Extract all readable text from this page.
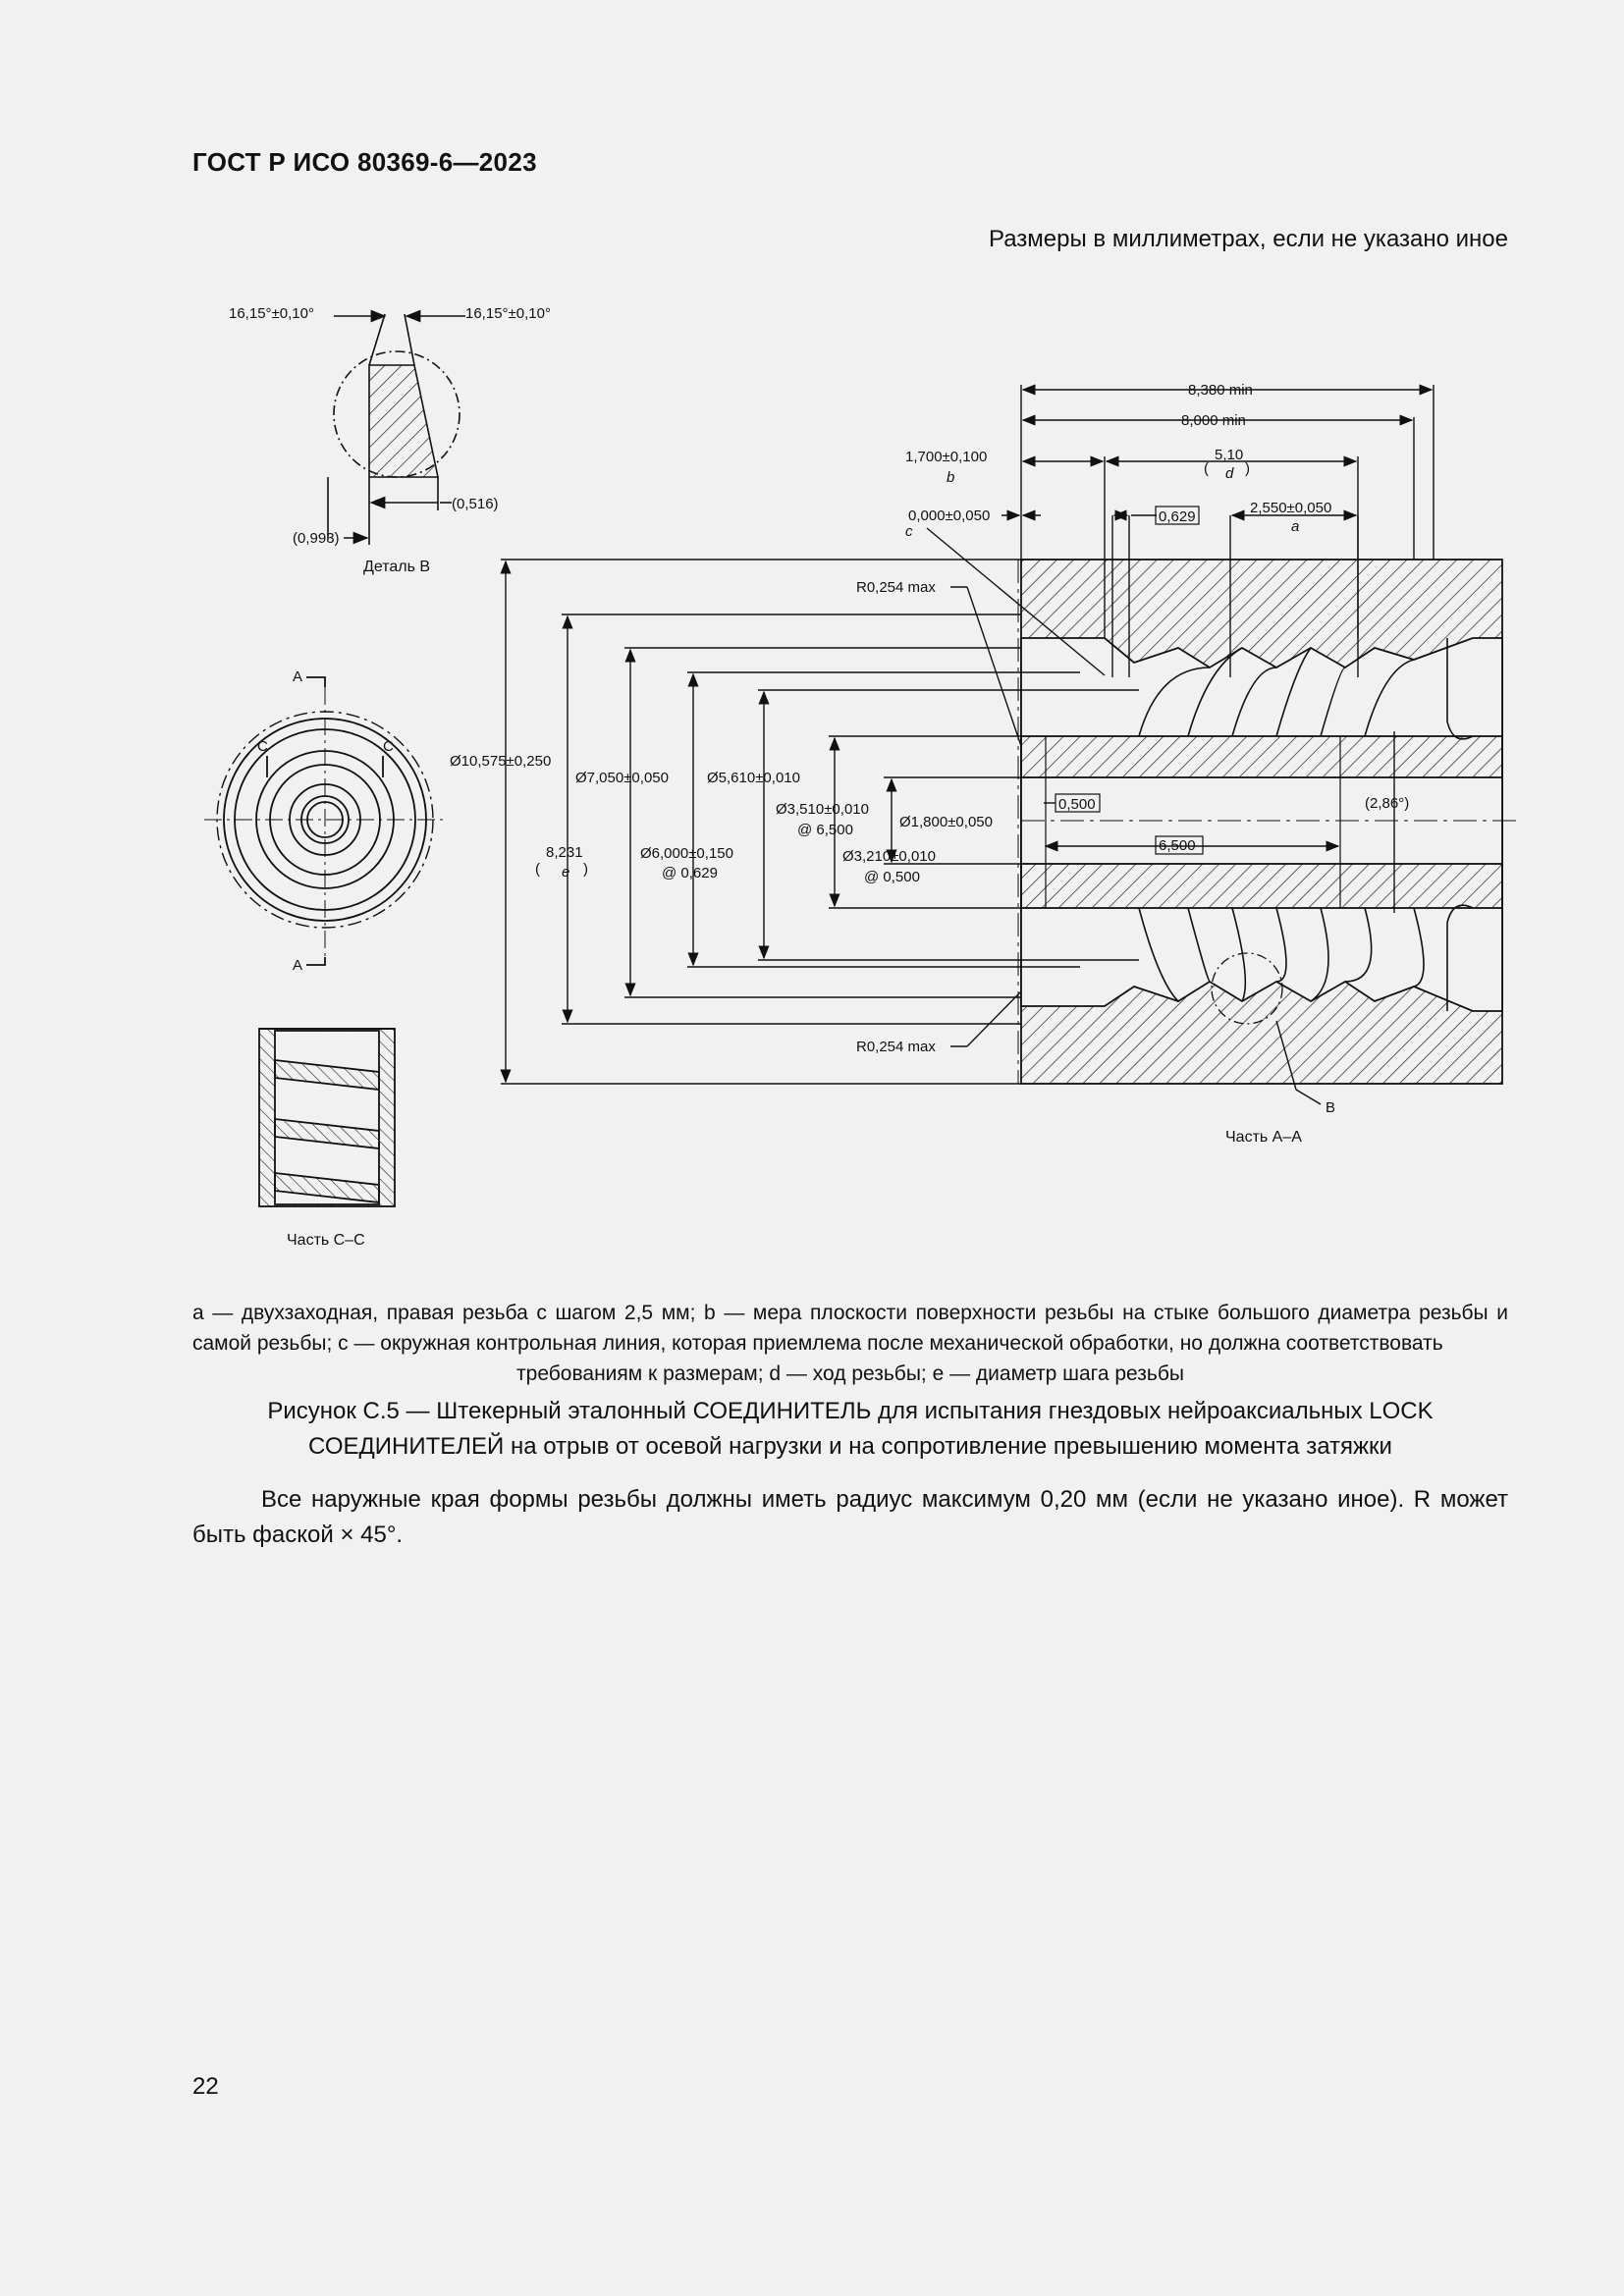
ГОСТ Р ИСО 80369-6—2023
Размеры в миллиметрах, если не указано иное
16,15°±0,10°	16,15°±0,10°
(0,516)
(0,993)
Деталь B
A
A
C	C
Часть C–C
8,380 min
8,000 min
1,700±0,100
b
5,10
d
( )
0,000±0,050
c
0,629
2,550±0,050
a
R0,254 max
R0,254 max
Ø10,575±0,250
Ø7,050±0,050	Ø5,610±0,010
Ø3,510±0,010
@ 6,500	Ø1,800±0,050
Ø3,210±0,010
@ 0,500
Ø6,000±0,150
@ 0,629
8,231
e
(	)
0,500
6,500
(2,86°)
B
Часть A–A
a — двухзаходная, правая резьба с шагом 2,5 мм; b — мера плоскости поверхности резьбы на стыке большого диаметра резьбы и самой резьбы; c — окружная контрольная линия, которая приемлема после механической обработки, но должна соответствовать
требованиям к размерам; d — ход резьбы; e — диаметр шага резьбы
Рисунок С.5 — Штекерный эталонный СОЕДИНИТЕЛЬ для испытания гнездовых нейроаксиальных LOCK СОЕДИНИТЕЛЕЙ на отрыв от осевой нагрузки и на сопротивление превышению момента затяжки
Все наружные края формы резьбы должны иметь радиус максимум 0,20 мм (если не указано иное). R может быть фаской × 45°.
22
